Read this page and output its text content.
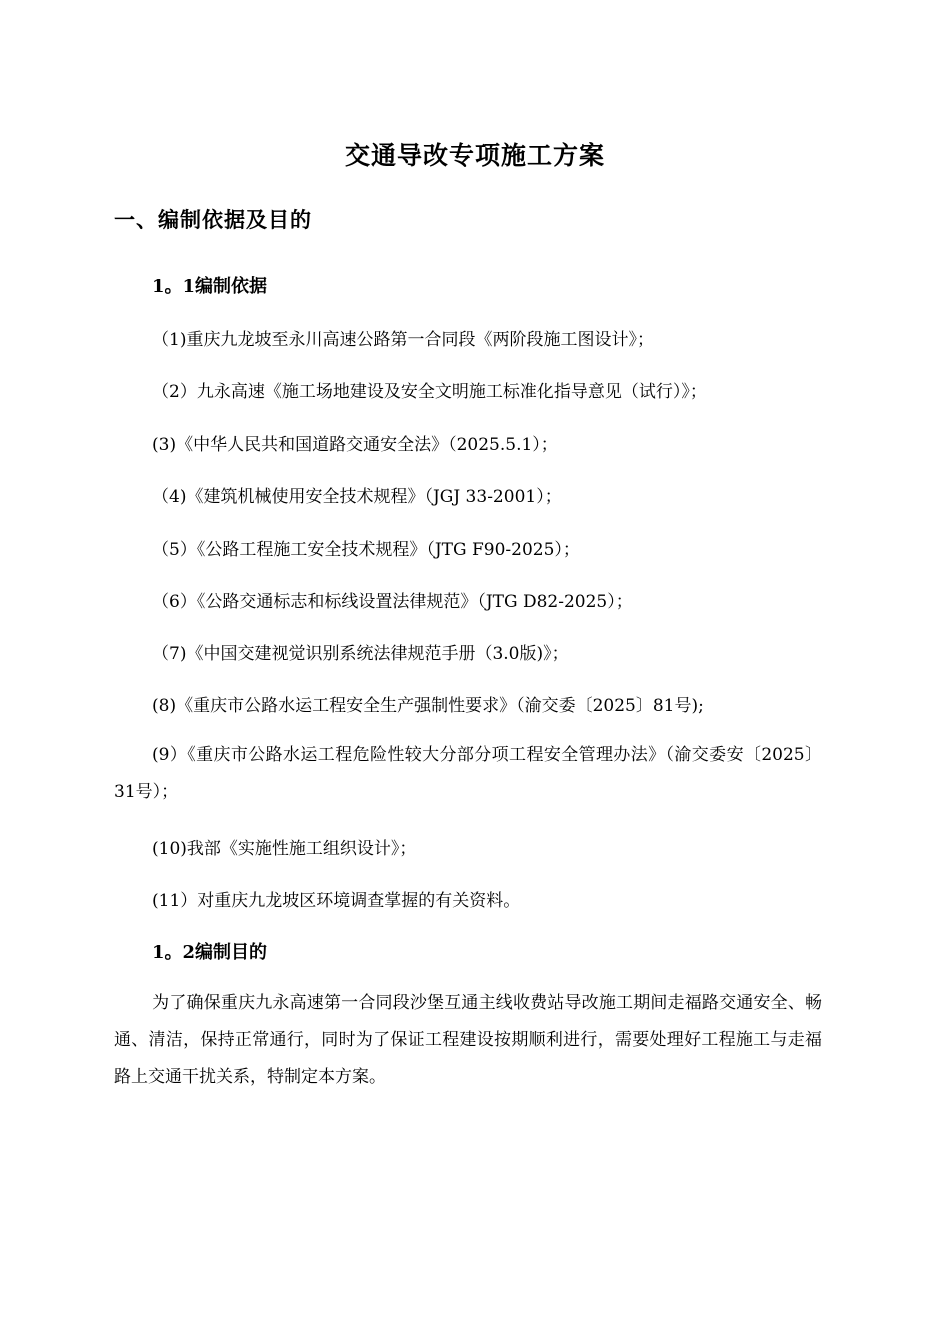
交通导改专项施工方案
一、编制依据及目的
1。1编制依据
（1)重庆九龙坡至永川高速公路第一合同段《两阶段施工图设计》；
（2）九永高速《施工场地建设及安全文明施工标准化指导意见（试行）》；
(3)《中华人民共和国道路交通安全法》（2025.5.1）；
（4)《建筑机械使用安全技术规程》（JGJ 33-2001）；
（5）《公路工程施工安全技术规程》（JTG F90-2025）；
（6）《公路交通标志和标线设置法律规范》（JTG D82-2025）；
（7)《中国交建视觉识别系统法律规范手册（3.0版)》；
(8)《重庆市公路水运工程安全生产强制性要求》（渝交委〔2025〕81号);
(9）《重庆市公路水运工程危险性较大分部分项工程安全管理办法》（渝交委安〔2025〕31号）；
(10)我部《实施性施工组织设计》；
(11）对重庆九龙坡区环境调查掌握的有关资料。
1。2编制目的
为了确保重庆九永高速第一合同段沙堡互通主线收费站导改施工期间走福路交通安全、畅通、清洁，保持正常通行，同时为了保证工程建设按期顺利进行，需要处理好工程施工与走福路上交通干扰关系，特制定本方案。
